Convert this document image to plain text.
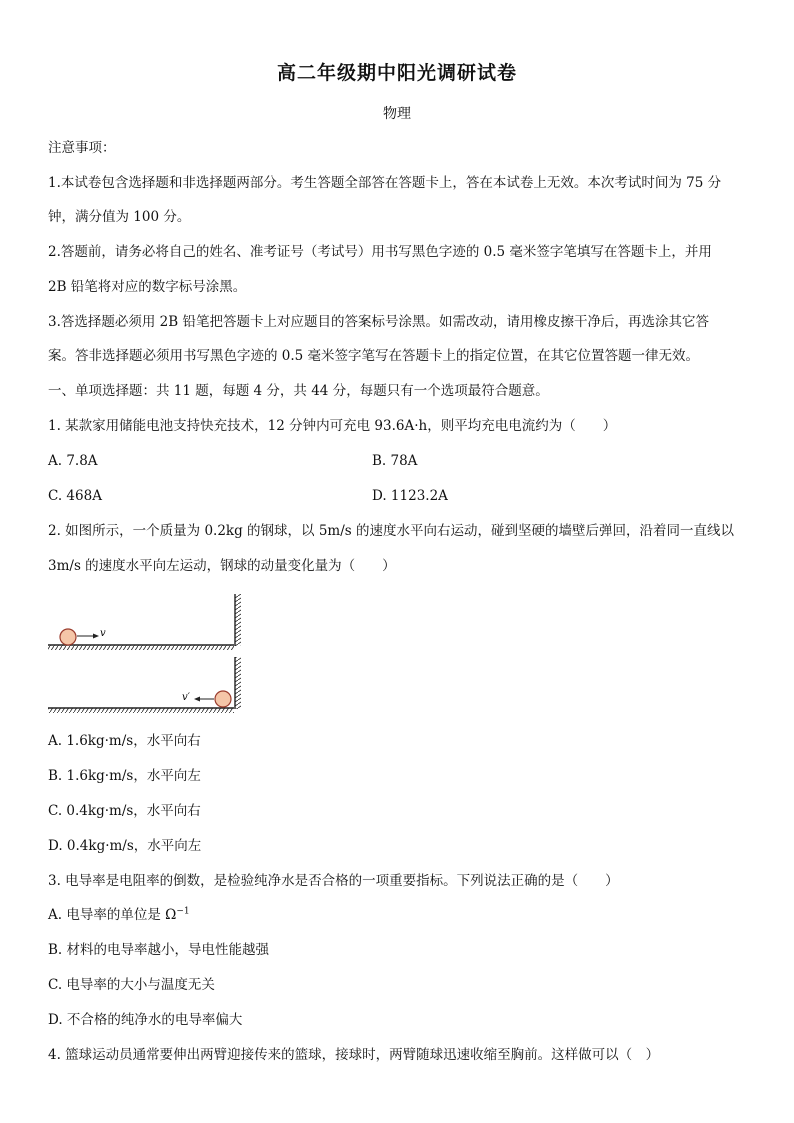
高二年级期中阳光调研试卷
物理
注意事项：
1.本试卷包含选择题和非选择题两部分。考生答题全部答在答题卡上，答在本试卷上无效。本次考试时间为 75 分
钟，满分值为 100 分。
2.答题前，请务必将自己的姓名、准考证号（考试号）用书写黑色字迹的 0.5 毫米签字笔填写在答题卡上，并用
2B 铅笔将对应的数字标号涂黑。
3.答选择题必须用 2B 铅笔把答题卡上对应题目的答案标号涂黑。如需改动，请用橡皮擦干净后，再选涂其它答
案。答非选择题必须用书写黑色字迹的 0.5 毫米签字笔写在答题卡上的指定位置，在其它位置答题一律无效。
一、单项选择题：共 11 题，每题 4 分，共 44 分，每题只有一个选项最符合题意。
1. 某款家用储能电池支持快充技术，12 分钟内可充电 93.6A·h，则平均充电电流约为（　　）
A. 7.8A	B. 78A
C. 468A	D. 1123.2A
2. 如图所示，一个质量为 0.2kg 的钢球，以 5m/s 的速度水平向右运动，碰到坚硬的墙壁后弹回，沿着同一直线以
3m/s 的速度水平向左运动，钢球的动量变化量为（　　）
v
v′
A. 1.6kg·m/s，水平向右
B. 1.6kg·m/s，水平向左
C. 0.4kg·m/s，水平向右
D. 0.4kg·m/s，水平向左
3. 电导率是电阻率的倒数，是检验纯净水是否合格的一项重要指标。下列说法正确的是（　　）
A. 电导率的单位是 $\Omega^{-1}$
B. 材料的电导率越小，导电性能越强
C. 电导率的大小与温度无关
D. 不合格的纯净水的电导率偏大
4. 篮球运动员通常要伸出两臂迎接传来的篮球，接球时，两臂随球迅速收缩至胸前。这样做可以（　）
